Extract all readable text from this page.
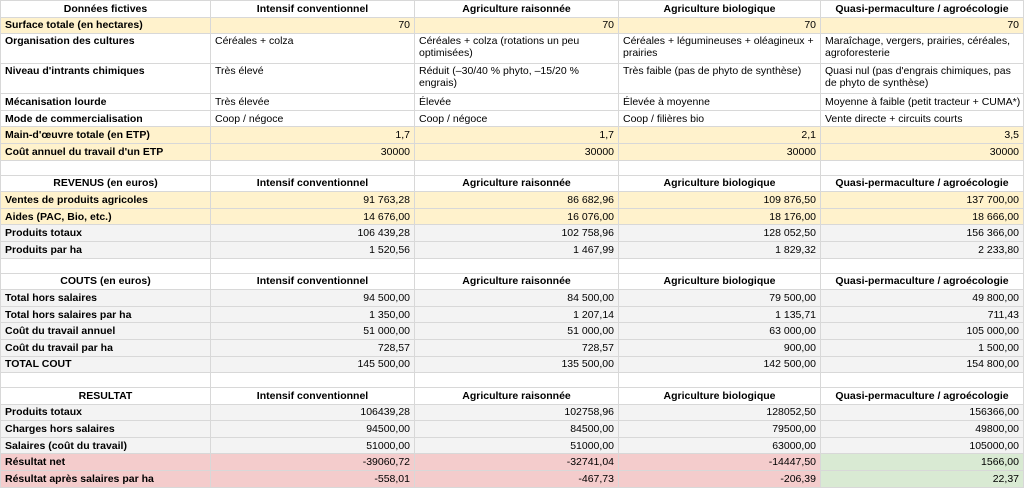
Données fictives	Intensif conventionnel	Agriculture raisonnée	Agriculture biologique	Quasi-permaculture / agroécologie
Surface totale (en hectares)	70	70	70	70
Organisation des cultures	Céréales + colza	Céréales + colza (rotations un peu optimisées)	Céréales + légumineuses + oléagineux + prairies	Maraîchage, vergers, prairies, céréales, agroforesterie
Niveau d'intrants chimiques	Très élevé	Réduit (–30/40 % phyto, –15/20 % engrais)	Très faible (pas de phyto de synthèse)	Quasi nul (pas d'engrais chimiques, pas de phyto de synthèse)
Mécanisation lourde	Très élevée	Élevée	Élevée à moyenne	Moyenne à faible (petit tracteur + CUMA*)
Mode de commercialisation	Coop / négoce	Coop / négoce	Coop / filières bio	Vente directe + circuits courts
Main-d'œuvre totale (en ETP)	1,7	1,7	2,1	3,5
Coût annuel du travail d'un ETP	30000	30000	30000	30000

REVENUS (en euros)	Intensif conventionnel	Agriculture raisonnée	Agriculture biologique	Quasi-permaculture / agroécologie
Ventes de produits agricoles	91 763,28	86 682,96	109 876,50	137 700,00
Aides (PAC, Bio, etc.)	14 676,00	16 076,00	18 176,00	18 666,00
Produits totaux	106 439,28	102 758,96	128 052,50	156 366,00
Produits par ha	1 520,56	1 467,99	1 829,32	2 233,80

COUTS (en euros)	Intensif conventionnel	Agriculture raisonnée	Agriculture biologique	Quasi-permaculture / agroécologie
Total hors salaires	94 500,00	84 500,00	79 500,00	49 800,00
Total hors salaires par ha	1 350,00	1 207,14	1 135,71	711,43
Coût du travail annuel	51 000,00	51 000,00	63 000,00	105 000,00
Coût du travail par ha	728,57	728,57	900,00	1 500,00
TOTAL COUT	145 500,00	135 500,00	142 500,00	154 800,00

RESULTAT	Intensif conventionnel	Agriculture raisonnée	Agriculture biologique	Quasi-permaculture / agroécologie
Produits totaux	106439,28	102758,96	128052,50	156366,00
Charges hors salaires	94500,00	84500,00	79500,00	49800,00
Salaires (coût du travail)	51000,00	51000,00	63000,00	105000,00
Résultat net	-39060,72	-32741,04	-14447,50	1566,00
Résultat après salaires par ha	-558,01	-467,73	-206,39	22,37
